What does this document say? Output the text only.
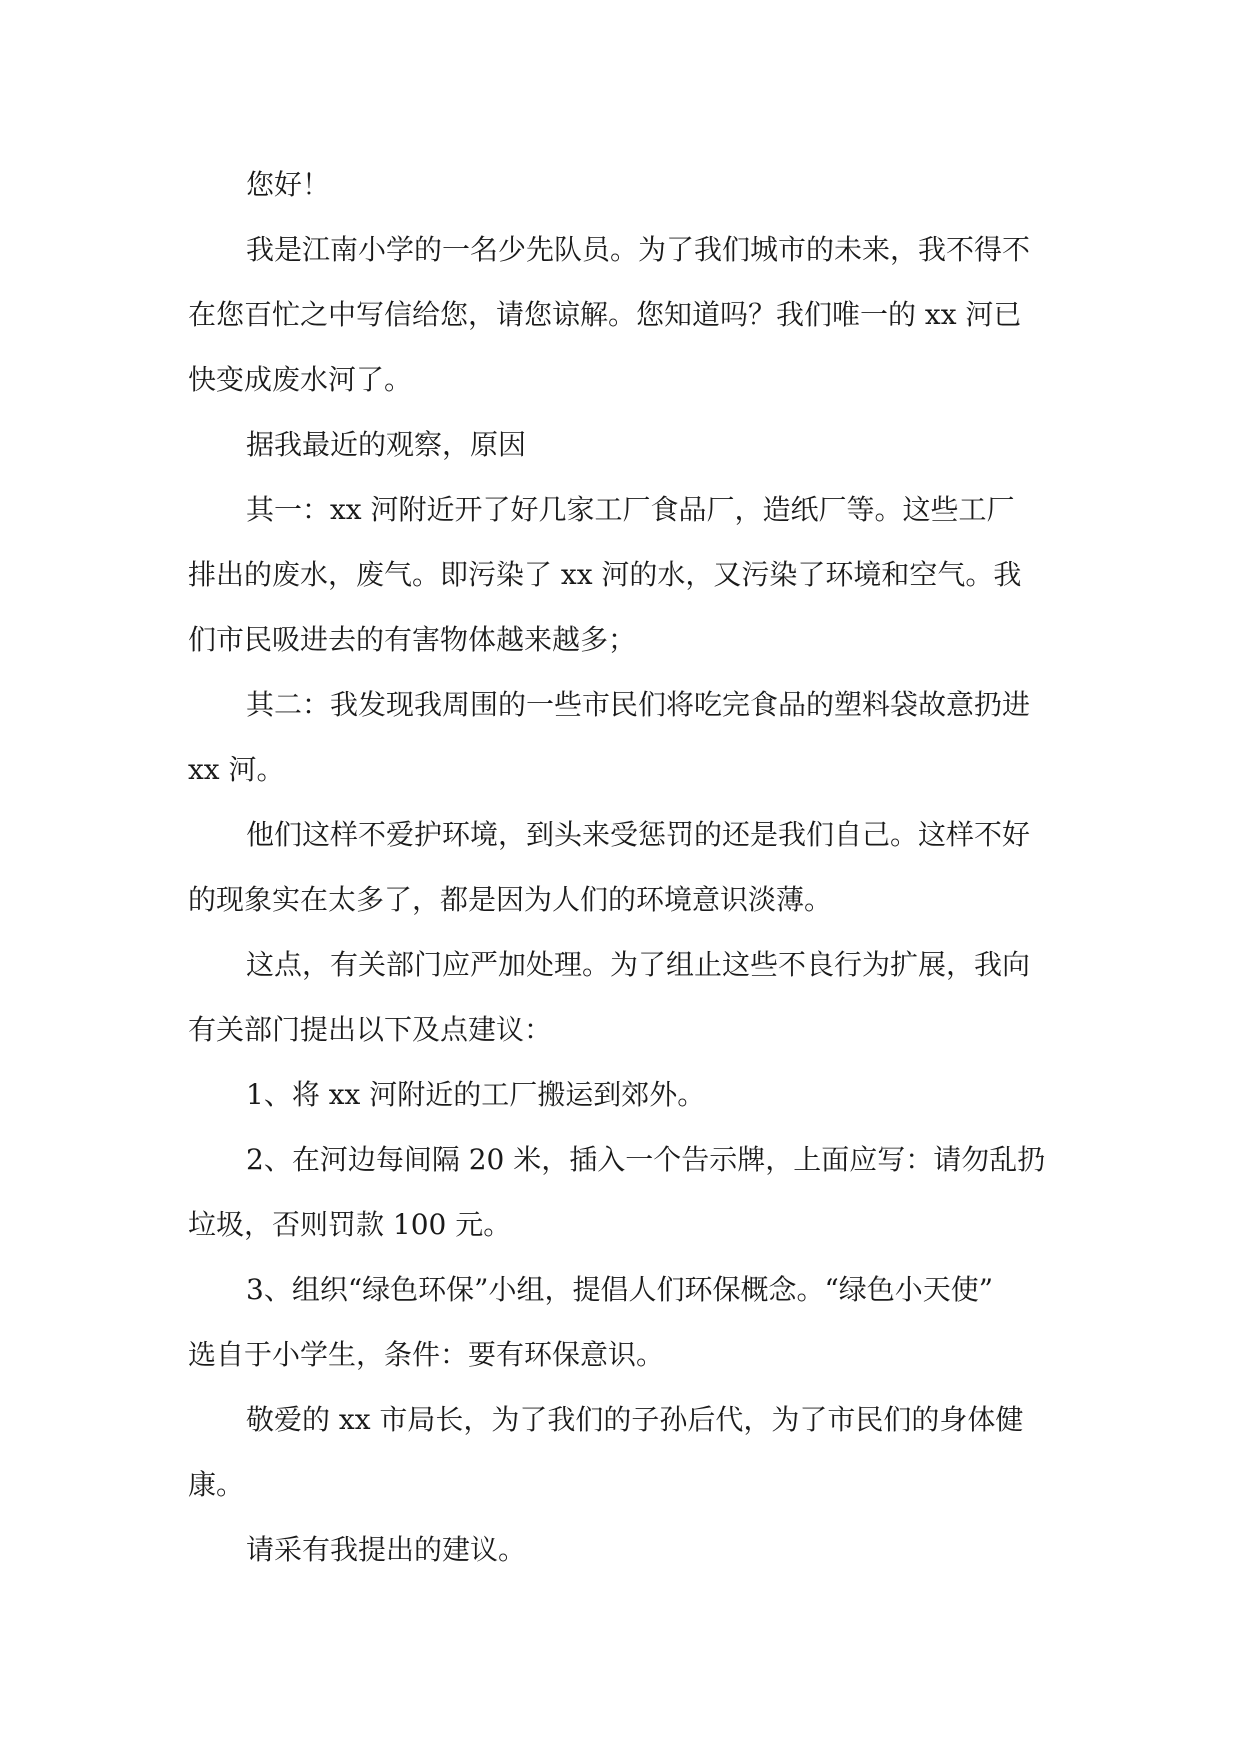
您好！

我是江南小学的一名少先队员。为了我们城市的未来，我不得不
在您百忙之中写信给您，请您谅解。您知道吗？我们唯一的 xx 河已
快变成废水河了。

据我最近的观察，原因

其一：xx 河附近开了好几家工厂食品厂，造纸厂等。这些工厂
排出的废水，废气。即污染了 xx 河的水，又污染了环境和空气。我
们市民吸进去的有害物体越来越多；

其二：我发现我周围的一些市民们将吃完食品的塑料袋故意扔进
xx 河。

他们这样不爱护环境，到头来受惩罚的还是我们自己。这样不好
的现象实在太多了，都是因为人们的环境意识淡薄。

这点，有关部门应严加处理。为了组止这些不良行为扩展，我向
有关部门提出以下及点建议：

1、将 xx 河附近的工厂搬运到郊外。

2、在河边每间隔 20 米，插入一个告示牌，上面应写：请勿乱扔
垃圾，否则罚款 100 元。

3、组织“绿色环保”小组，提倡人们环保概念。“绿色小天使”
选自于小学生，条件：要有环保意识。

敬爱的 xx 市局长，为了我们的子孙后代，为了市民们的身体健
康。

请采有我提出的建议。
